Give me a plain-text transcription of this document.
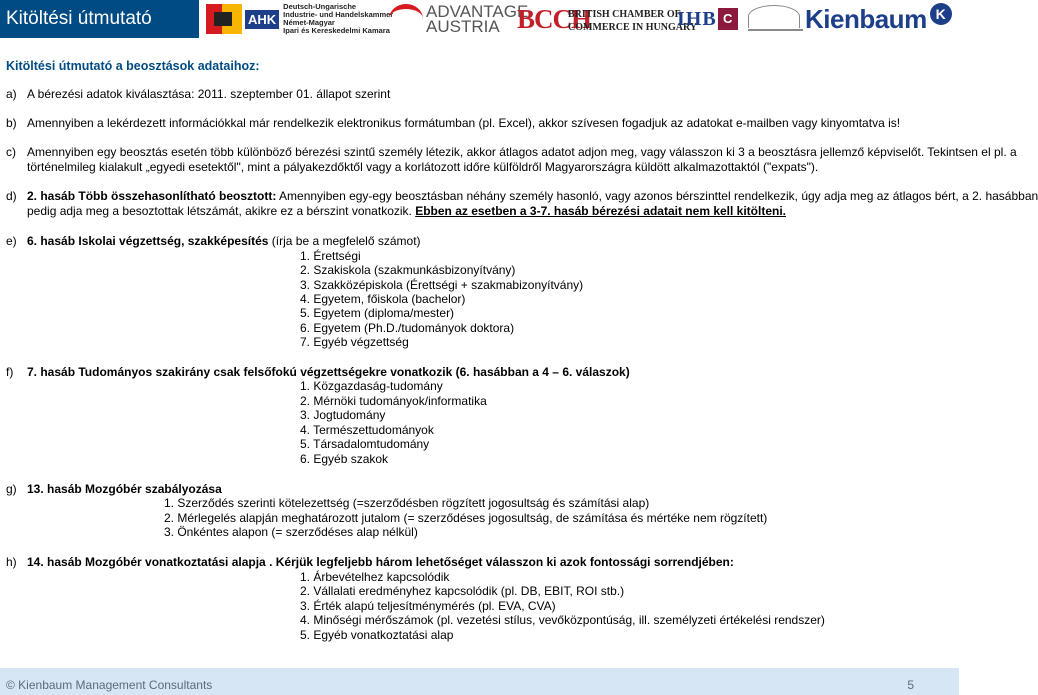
Kitöltési útmutató	AHK
Deutsch-Ungarische
Industrie- und Handelskammer
Német-Magyar
Ipari és Kereskedelmi Kamara
ADVANTAGE
AUSTRIA BCCH
BRITISH CHAMBER OF
COMMERCE IN HUNGARY
IHB C	Kienbaum K
Kitöltési útmutató a beosztások adataihoz:
a) A bérezési adatok kiválasztása: 2011. szeptember 01. állapot szerint
b) Amennyiben a lekérdezett információkkal már rendelkezik elektronikus formátumban (pl. Excel), akkor szívesen fogadjuk az adatokat e-mailben vagy kinyomtatva is!
c) Amennyiben egy beosztás esetén több különböző bérezési szintű személy létezik, akkor átlagos adatot adjon meg, vagy válasszon ki 3 a beosztásra jellemző képviselőt. Tekintsen el pl. a
történelmileg kialakult „egyedi esetektől", mint a pályakezdőktől vagy a korlátozott időre külföldről Magyarországra küldött alkalmazottaktól ("expats").
d) 2. hasáb Több összehasonlítható beosztott: Amennyiben egy-egy beosztásban néhány személy hasonló, vagy azonos bérszinttel rendelkezik, úgy adja meg az átlagos bért, a 2. hasábban
pedig adja meg a besoztottak létszámát, akikre ez a bérszint vonatkozik. Ebben az esetben a 3-7. hasáb bérezési adatait nem kell kitölteni.
e) 6. hasáb Iskolai végzettség, szakképesítés (írja be a megfelelő számot)
1. Érettségi
2. Szakiskola (szakmunkásbizonyítvány)
3. Szakközépiskola (Érettségi + szakmabizonyítvány)
4. Egyetem, főiskola (bachelor)
5. Egyetem (diploma/mester)
6. Egyetem (Ph.D./tudományok doktora)
7. Egyéb végzettség
f) 7. hasáb Tudományos szakirány csak felsőfokú végzettségekre vonatkozik (6. hasábban a 4 – 6. válaszok)
1. Közgazdaság-tudomány
2. Mérnöki tudományok/informatika
3. Jogtudomány
4. Természettudományok
5. Társadalomtudomány
6. Egyéb szakok
g) 13. hasáb Mozgóbér szabályozása
1. Szerződés szerinti kötelezettség (=szerződésben rögzített jogosultság és számítási alap)
2. Mérlegelés alapján meghatározott jutalom (= szerződéses jogosultság, de számítása és mértéke nem rögzített)
3. Önkéntes alapon (= szerződéses alap nélkül)
h) 14. hasáb Mozgóbér vonatkoztatási alapja . Kérjük legfeljebb három lehetőséget válasszon ki azok fontossági sorrendjében:
1. Árbevételhez kapcsolódik
2. Vállalati eredményhez kapcsolódik (pl. DB, EBIT, ROI stb.)
3. Érték alapú teljesítménymérés (pl. EVA, CVA)
4. Minőségi mérőszámok (pl. vezetési stílus, vevőközpontúság, ill. személyzeti értékelési rendszer)
5. Egyéb vonatkoztatási alap
© Kienbaum Management Consultants	5
